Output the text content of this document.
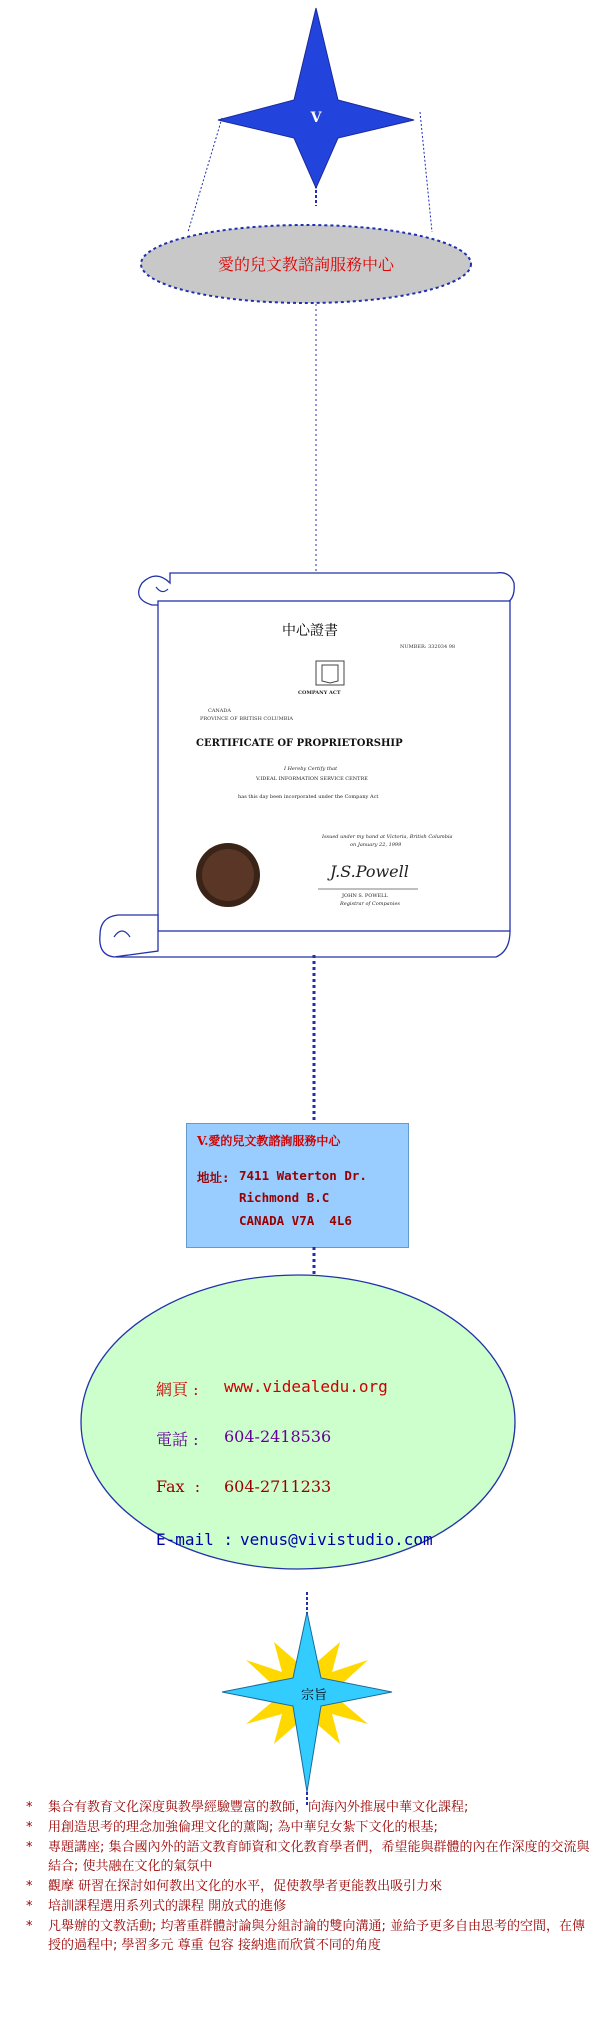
V
愛的兒文教諮詢服務中心
中心證書
NUMBER: 332034 98
COMPANY ACT
CANADA
PROVINCE OF BRITISH COLUMBIA
CERTIFICATE OF PROPRIETORSHIP
I Hereby Certify that
V.IDEAL INFORMATION SERVICE CENTRE
has this day been incorporated under the Company Act
Issued under my hand at Victoria, British Columbia
on January 22, 1999
J.S.Powell
JOHN S. POWELL
Registrar of Companies
V.愛的兒文教諮詢服務中心
地址: 7411 Waterton Dr.
Richmond B.C
CANADA V7A  4L6
網頁 : www.videaledu.org
電話 : 604-2418536
Fax  : 604-2711233
E-mail : venus@vivistudio.com
宗旨
* 集合有教育文化深度與教學經驗豐富的教師，向海內外推展中華文化課程;
* 用創造思考的理念加強倫理文化的薰陶; 為中華兒女紮下文化的根基;
* 專題講座; 集合國內外的語文教育師資和文化教育學者們，希望能與群體的內在作深度的交流與結合; 使共融在文化的氣氛中
* 觀摩 研習在探討如何教出文化的水平，促使教學者更能教出吸引力來
* 培訓課程選用系列式的課程 開放式的進修
* 凡舉辦的文教活動; 均著重群體討論與分組討論的雙向溝通; 並給予更多自由思考的空間，在傳授的過程中; 學習多元 尊重 包容 接納進而欣賞不同的角度
